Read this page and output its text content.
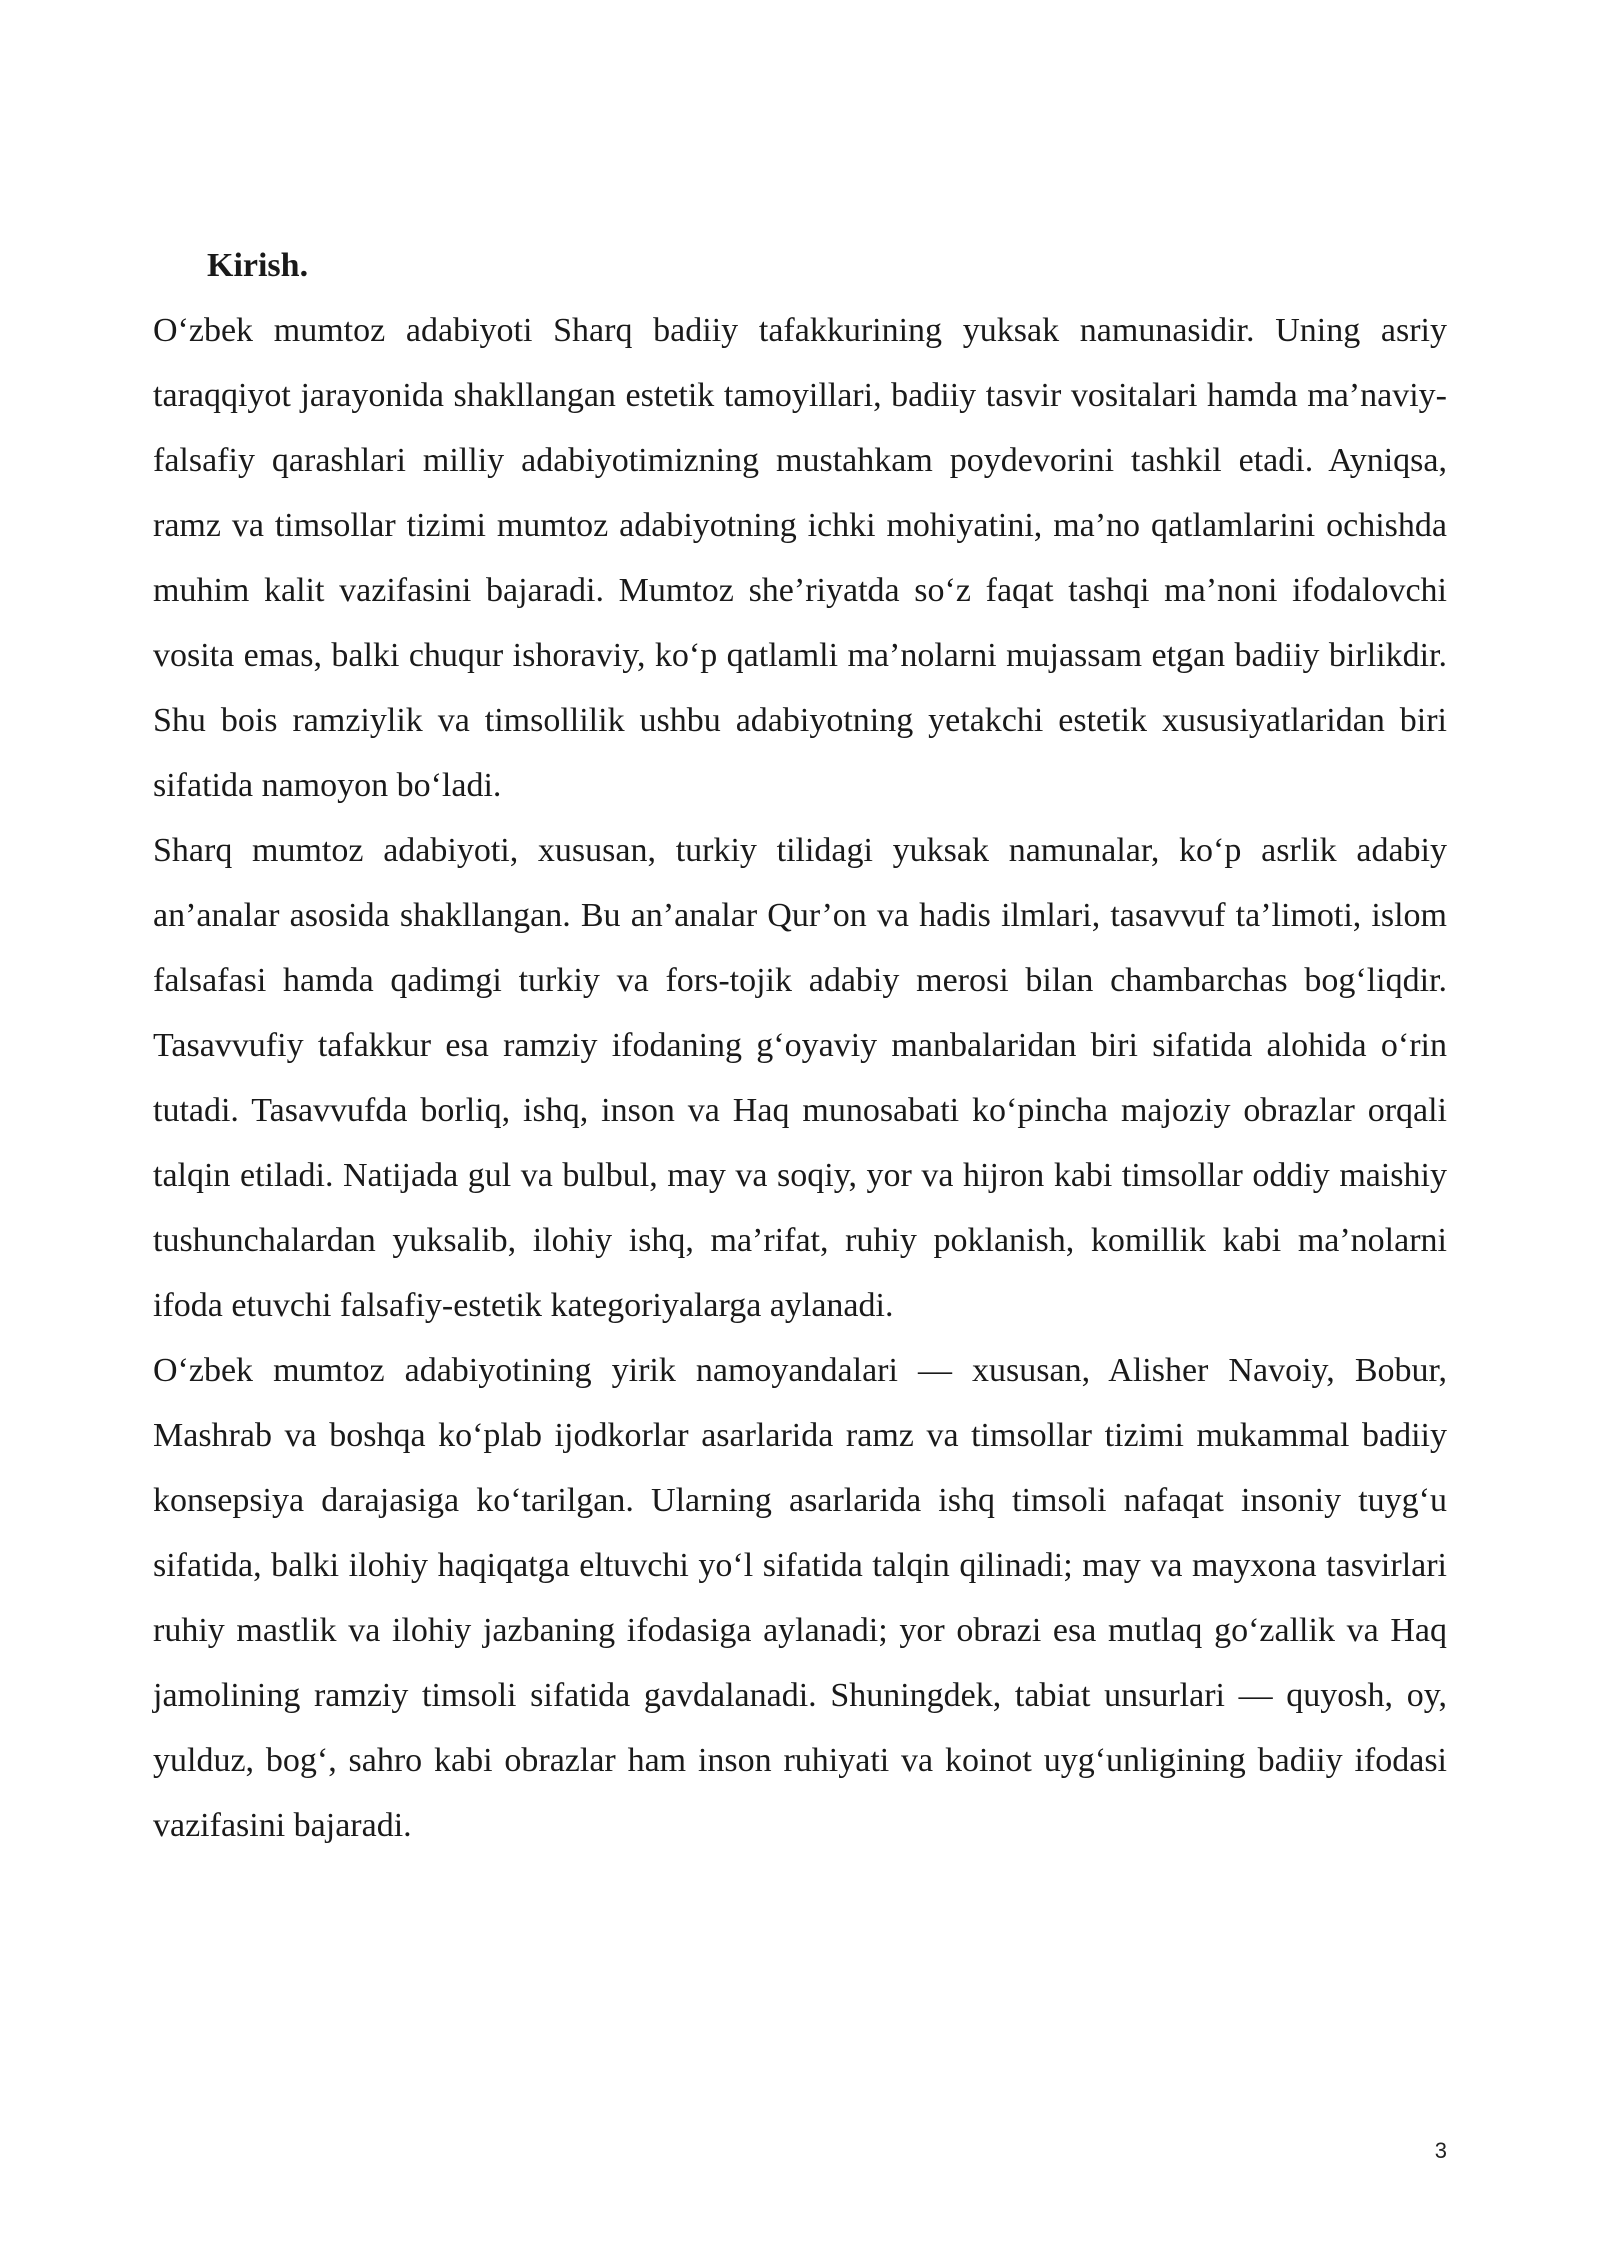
Kirish.

O‘zbek mumtoz adabiyoti Sharq badiiy tafakkurining yuksak namunasidir. Uning asriy taraqqiyot jarayonida shakllangan estetik tamoyillari, badiiy tasvir vositalari hamda ma’naviy-falsafiy qarashlari milliy adabiyotimizning mustahkam poydevorini tashkil etadi. Ayniqsa, ramz va timsollar tizimi mumtoz adabiyotning ichki mohiyatini, ma’no qatlamlarini ochishda muhim kalit vazifasini bajaradi. Mumtoz she’riyatda so‘z faqat tashqi ma’noni ifodalovchi vosita emas, balki chuqur ishoraviy, ko‘p qatlamli ma’nolarni mujassam etgan badiiy birlikdir. Shu bois ramziylik va timsollilik ushbu adabiyotning yetakchi estetik xususiyatlaridan biri sifatida namoyon bo‘ladi.

Sharq mumtoz adabiyoti, xususan, turkiy tilidagi yuksak namunalar, ko‘p asrlik adabiy an’analar asosida shakllangan. Bu an’analar Qur’on va hadis ilmlari, tasavvuf ta’limoti, islom falsafasi hamda qadimgi turkiy va fors-tojik adabiy merosi bilan chambarchas bog‘liqdir. Tasavvufiy tafakkur esa ramziy ifodaning g‘oyaviy manbalaridan biri sifatida alohida o‘rin tutadi. Tasavvufda borliq, ishq, inson va Haq munosabati ko‘pincha majoziy obrazlar orqali talqin etiladi. Natijada gul va bulbul, may va soqiy, yor va hijron kabi timsollar oddiy maishiy tushunchalardan yuksalib, ilohiy ishq, ma’rifat, ruhiy poklanish, komillik kabi ma’nolarni ifoda etuvchi falsafiy-estetik kategoriyalarga aylanadi.

O‘zbek mumtoz adabiyotining yirik namoyandalari — xususan, Alisher Navoiy, Bobur, Mashrab va boshqa ko‘plab ijodkorlar asarlarida ramz va timsollar tizimi mukammal badiiy konsepsiya darajasiga ko‘tarilgan. Ularning asarlarida ishq timsoli nafaqat insoniy tuyg‘u sifatida, balki ilohiy haqiqatga eltuvchi yo‘l sifatida talqin qilinadi; may va mayxona tasvirlari ruhiy mastlik va ilohiy jazbaning ifodasiga aylanadi; yor obrazi esa mutlaq go‘zallik va Haq jamolining ramziy timsoli sifatida gavdalanadi. Shuningdek, tabiat unsurlari — quyosh, oy, yulduz, bog‘, sahro kabi obrazlar ham inson ruhiyati va koinot uyg‘unligining badiiy ifodasi vazifasini bajaradi.

3
